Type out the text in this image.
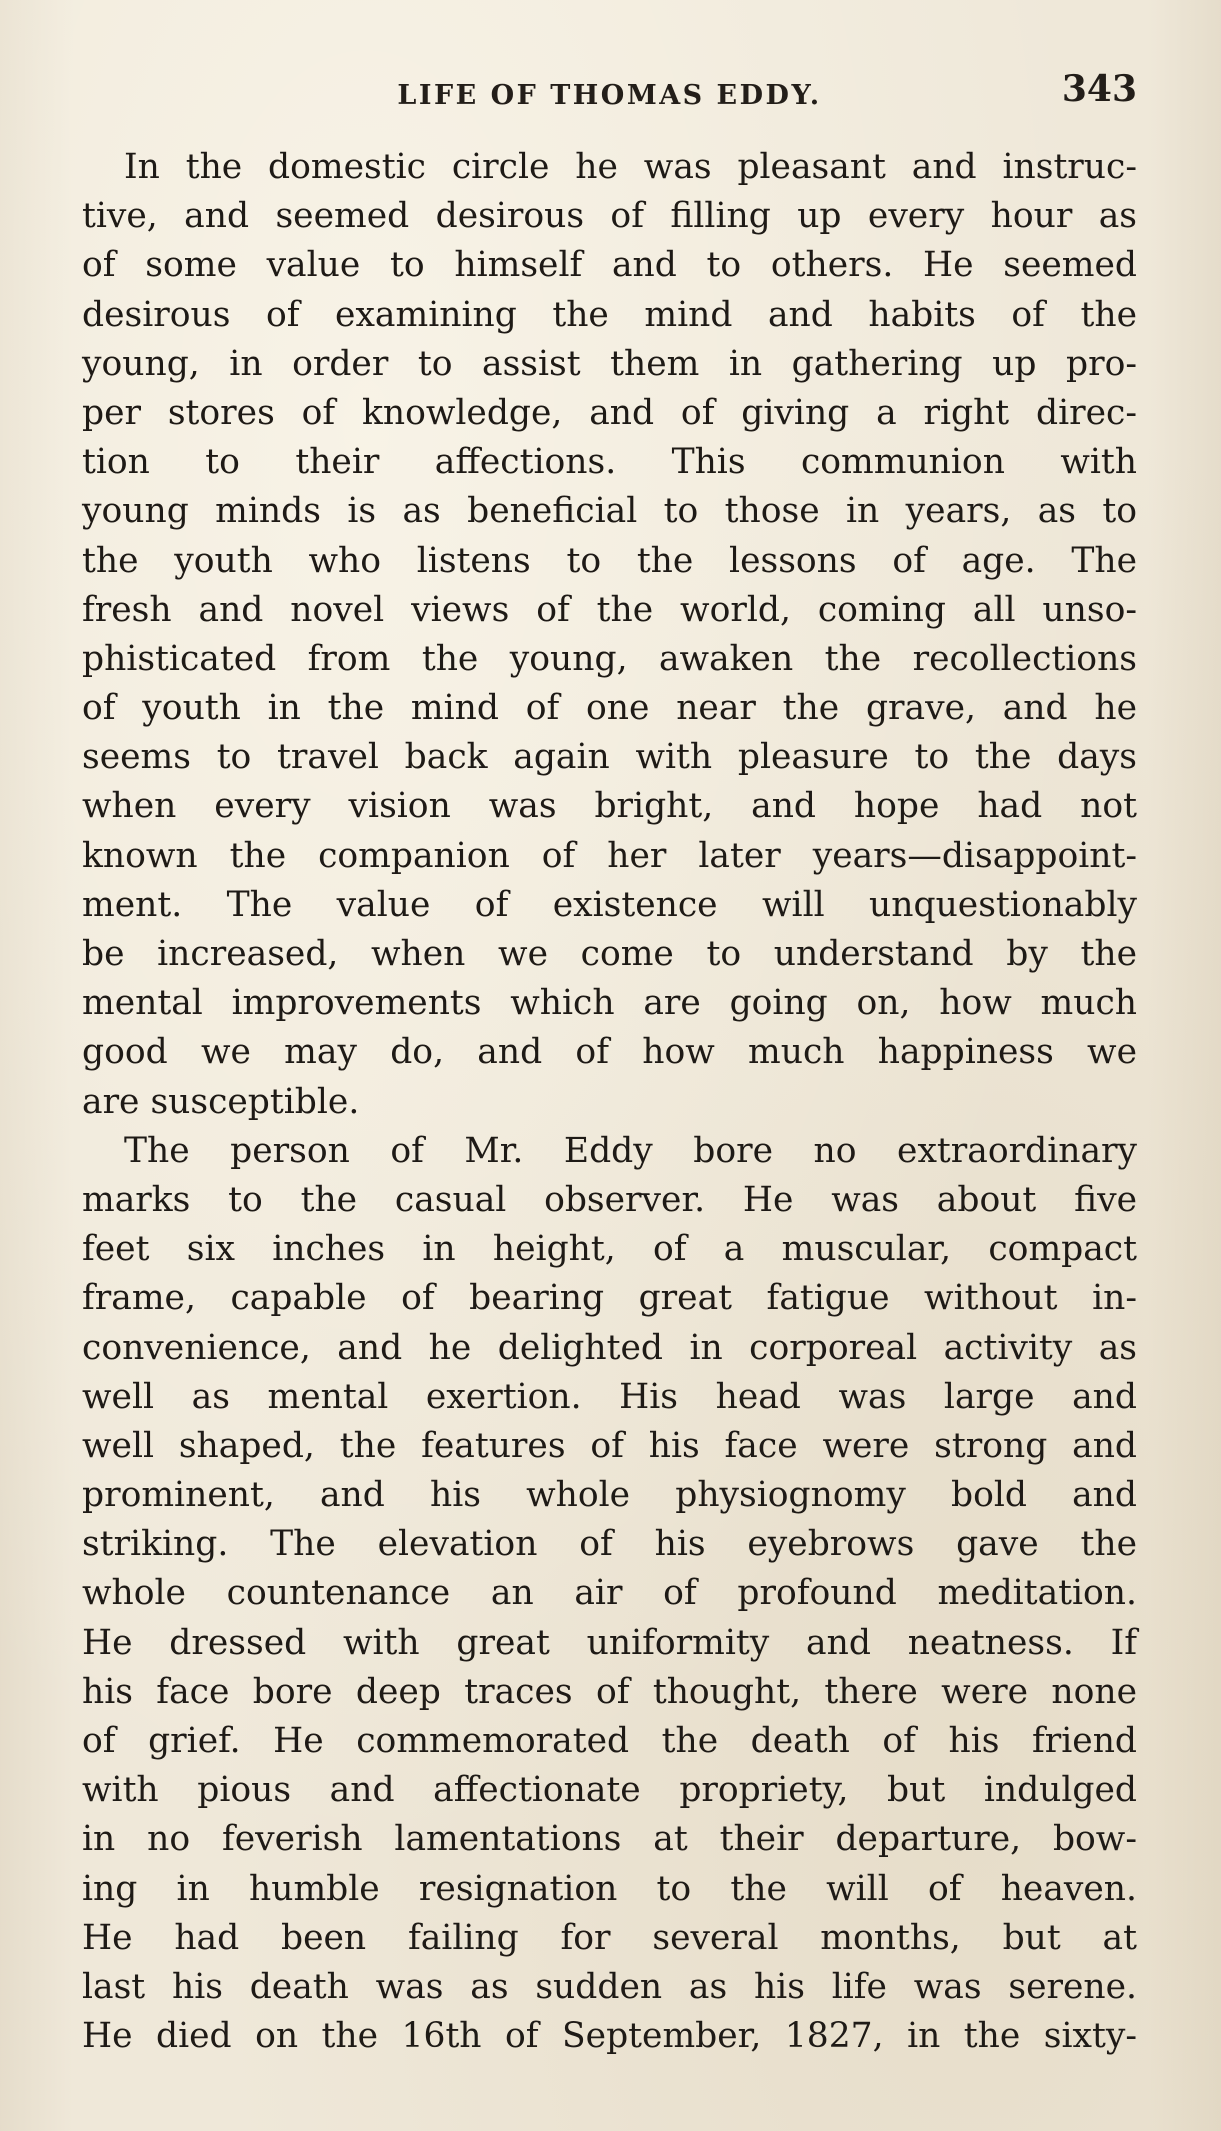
LIFE OF THOMAS EDDY.	343
In the domestic circle he was pleasant and instruc-
tive, and seemed desirous of filling up every hour as
of some value to himself and to others. He seemed
desirous of examining the mind and habits of the
young, in order to assist them in gathering up pro-
per stores of knowledge, and of giving a right direc-
tion to their affections. This communion with
young minds is as beneficial to those in years, as to
the youth who listens to the lessons of age. The
fresh and novel views of the world, coming all unso-
phisticated from the young, awaken the recollections
of youth in the mind of one near the grave, and he
seems to travel back again with pleasure to the days
when every vision was bright, and hope had not
known the companion of her later years—disappoint-
ment. The value of existence will unquestionably
be increased, when we come to understand by the
mental improvements which are going on, how much
good we may do, and of how much happiness we
are susceptible.
The person of Mr. Eddy bore no extraordinary
marks to the casual observer. He was about five
feet six inches in height, of a muscular, compact
frame, capable of bearing great fatigue without in-
convenience, and he delighted in corporeal activity as
well as mental exertion. His head was large and
well shaped, the features of his face were strong and
prominent, and his whole physiognomy bold and
striking. The elevation of his eyebrows gave the
whole countenance an air of profound meditation.
He dressed with great uniformity and neatness. If
his face bore deep traces of thought, there were none
of grief. He commemorated the death of his friend
with pious and affectionate propriety, but indulged
in no feverish lamentations at their departure, bow-
ing in humble resignation to the will of heaven.
He had been failing for several months, but at
last his death was as sudden as his life was serene.
He died on the 16th of September, 1827, in the sixty-
